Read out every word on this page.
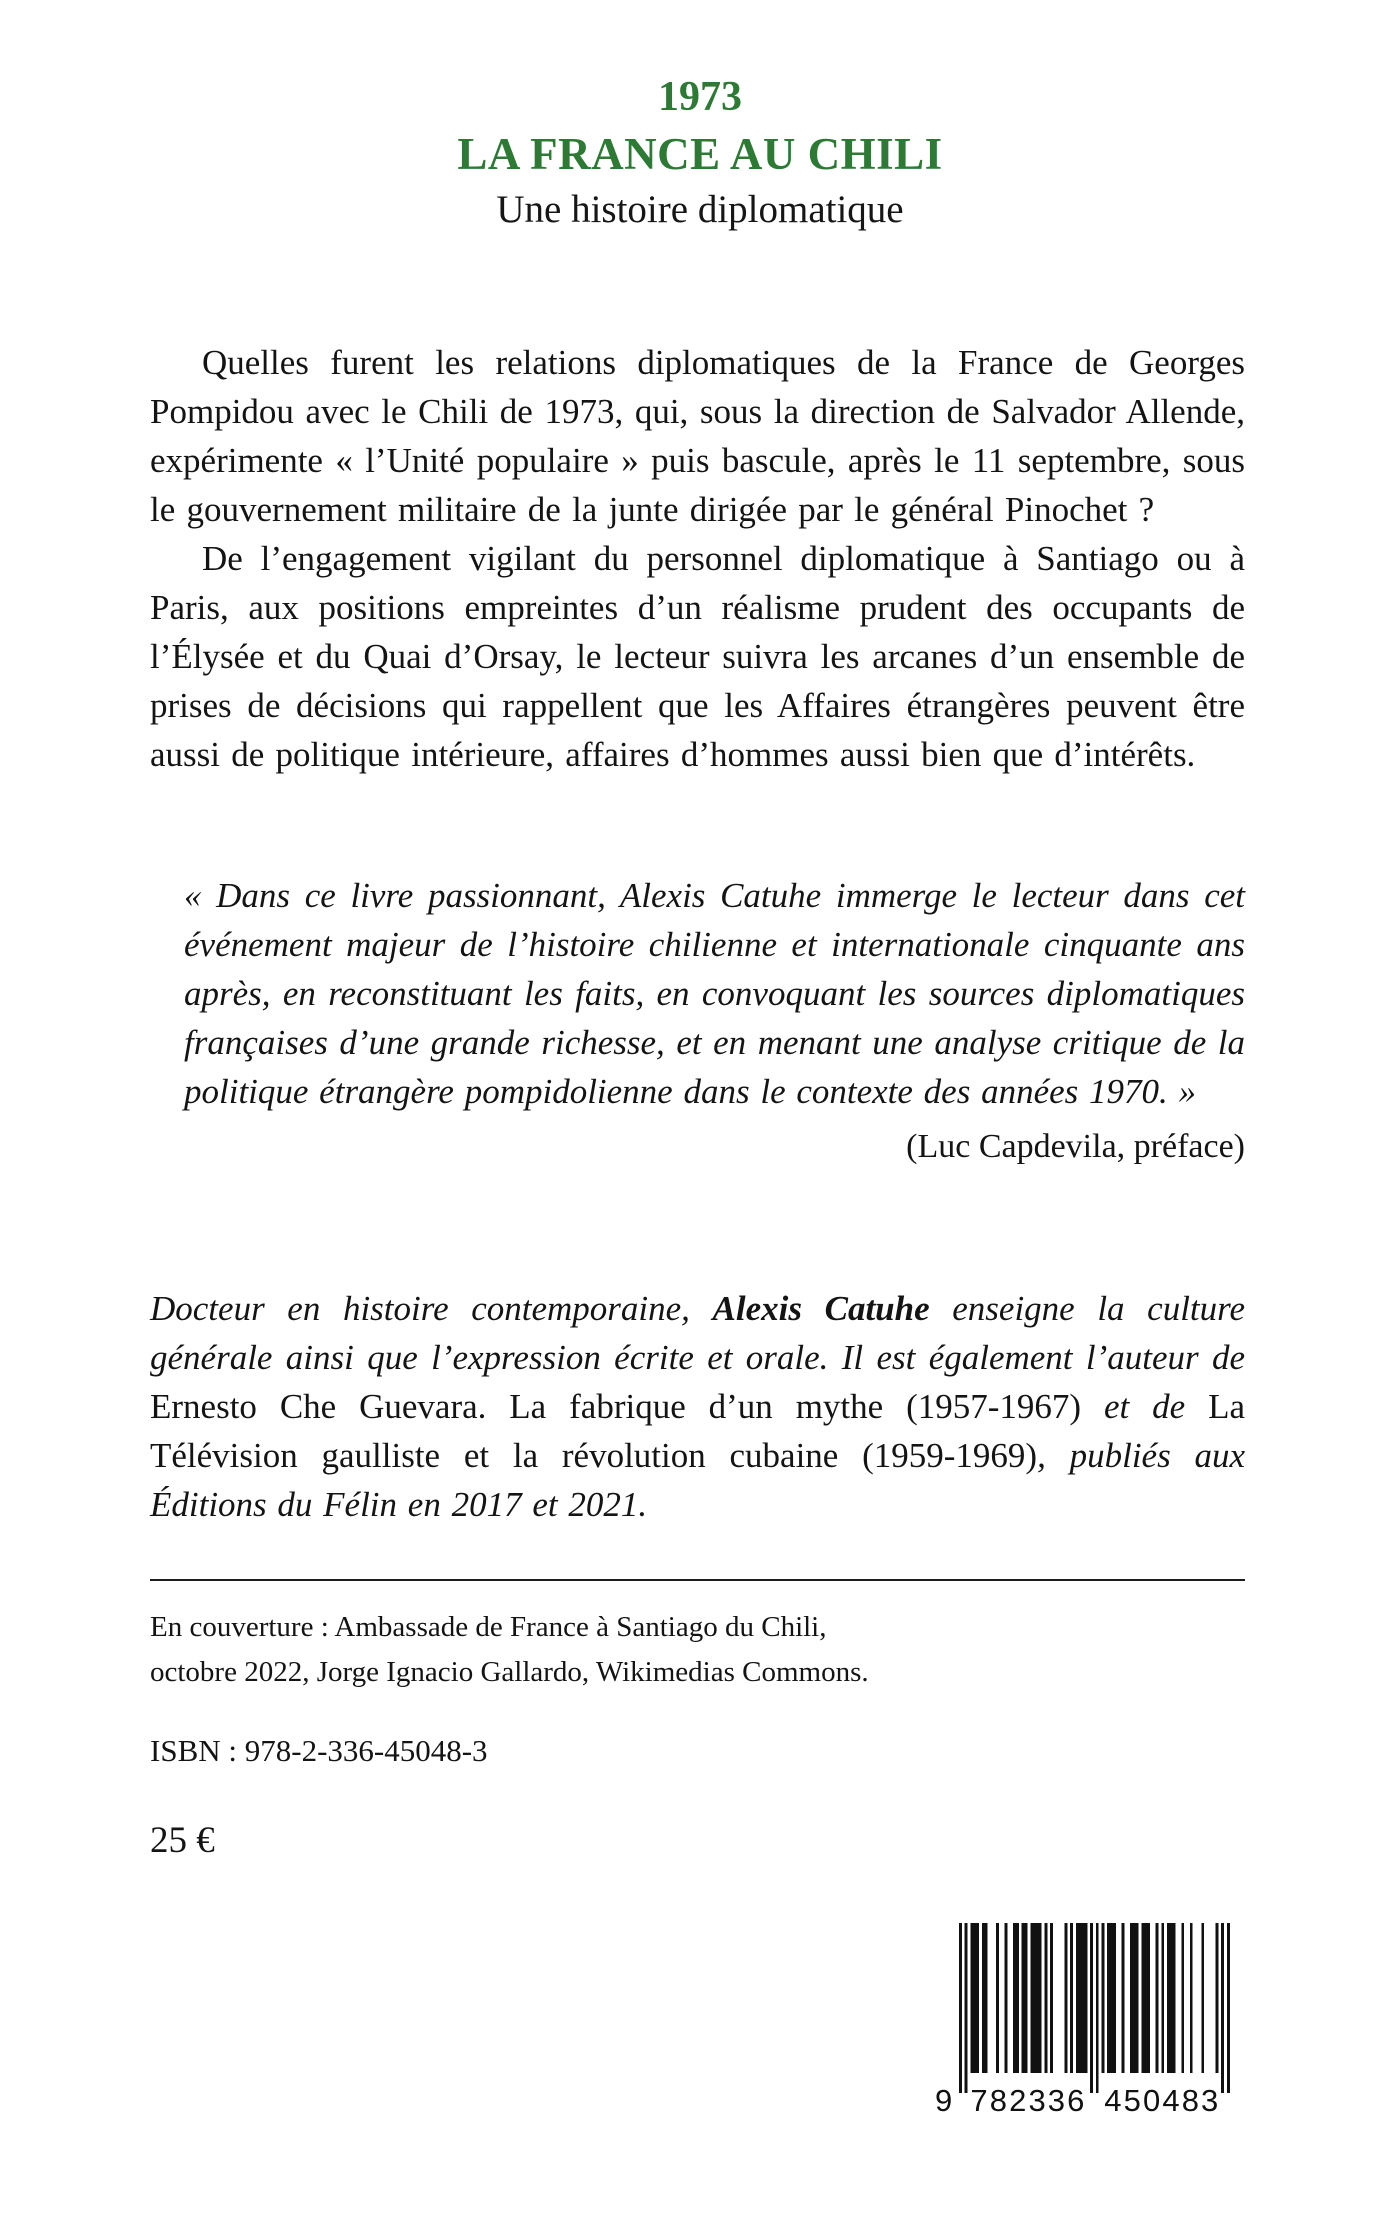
1973
LA FRANCE AU CHILI
Une histoire diplomatique

Quelles furent les relations diplomatiques de la France de Georges Pompidou avec le Chili de 1973, qui, sous la direction de Salvador Allende, expérimente « l’Unité populaire » puis bascule, après le 11 septembre, sous le gouvernement militaire de la junte dirigée par le général Pinochet ?

De l’engagement vigilant du personnel diplomatique à Santiago ou à Paris, aux positions empreintes d’un réalisme prudent des occupants de l’Élysée et du Quai d’Orsay, le lecteur suivra les arcanes d’un ensemble de prises de décisions qui rappellent que les Affaires étrangères peuvent être aussi de politique intérieure, affaires d’hommes aussi bien que d’intérêts.

« Dans ce livre passionnant, Alexis Catuhe immerge le lecteur dans cet événement majeur de l’histoire chilienne et internationale cinquante ans après, en reconstituant les faits, en convoquant les sources diplomatiques françaises d’une grande richesse, et en menant une analyse critique de la politique étrangère pompidolienne dans le contexte des années 1970. »

(Luc Capdevila, préface)

Docteur en histoire contemporaine, Alexis Catuhe enseigne la culture générale ainsi que l’expression écrite et orale. Il est également l’auteur de Ernesto Che Guevara. La fabrique d’un mythe (1957-1967) et de La Télévision gaulliste et la révolution cubaine (1959-1969), publiés aux Éditions du Félin en 2017 et 2021.

En couverture : Ambassade de France à Santiago du Chili,
octobre 2022, Jorge Ignacio Gallardo, Wikimedias Commons.

ISBN : 978-2-336-45048-3

25 €

9 782336 450483
